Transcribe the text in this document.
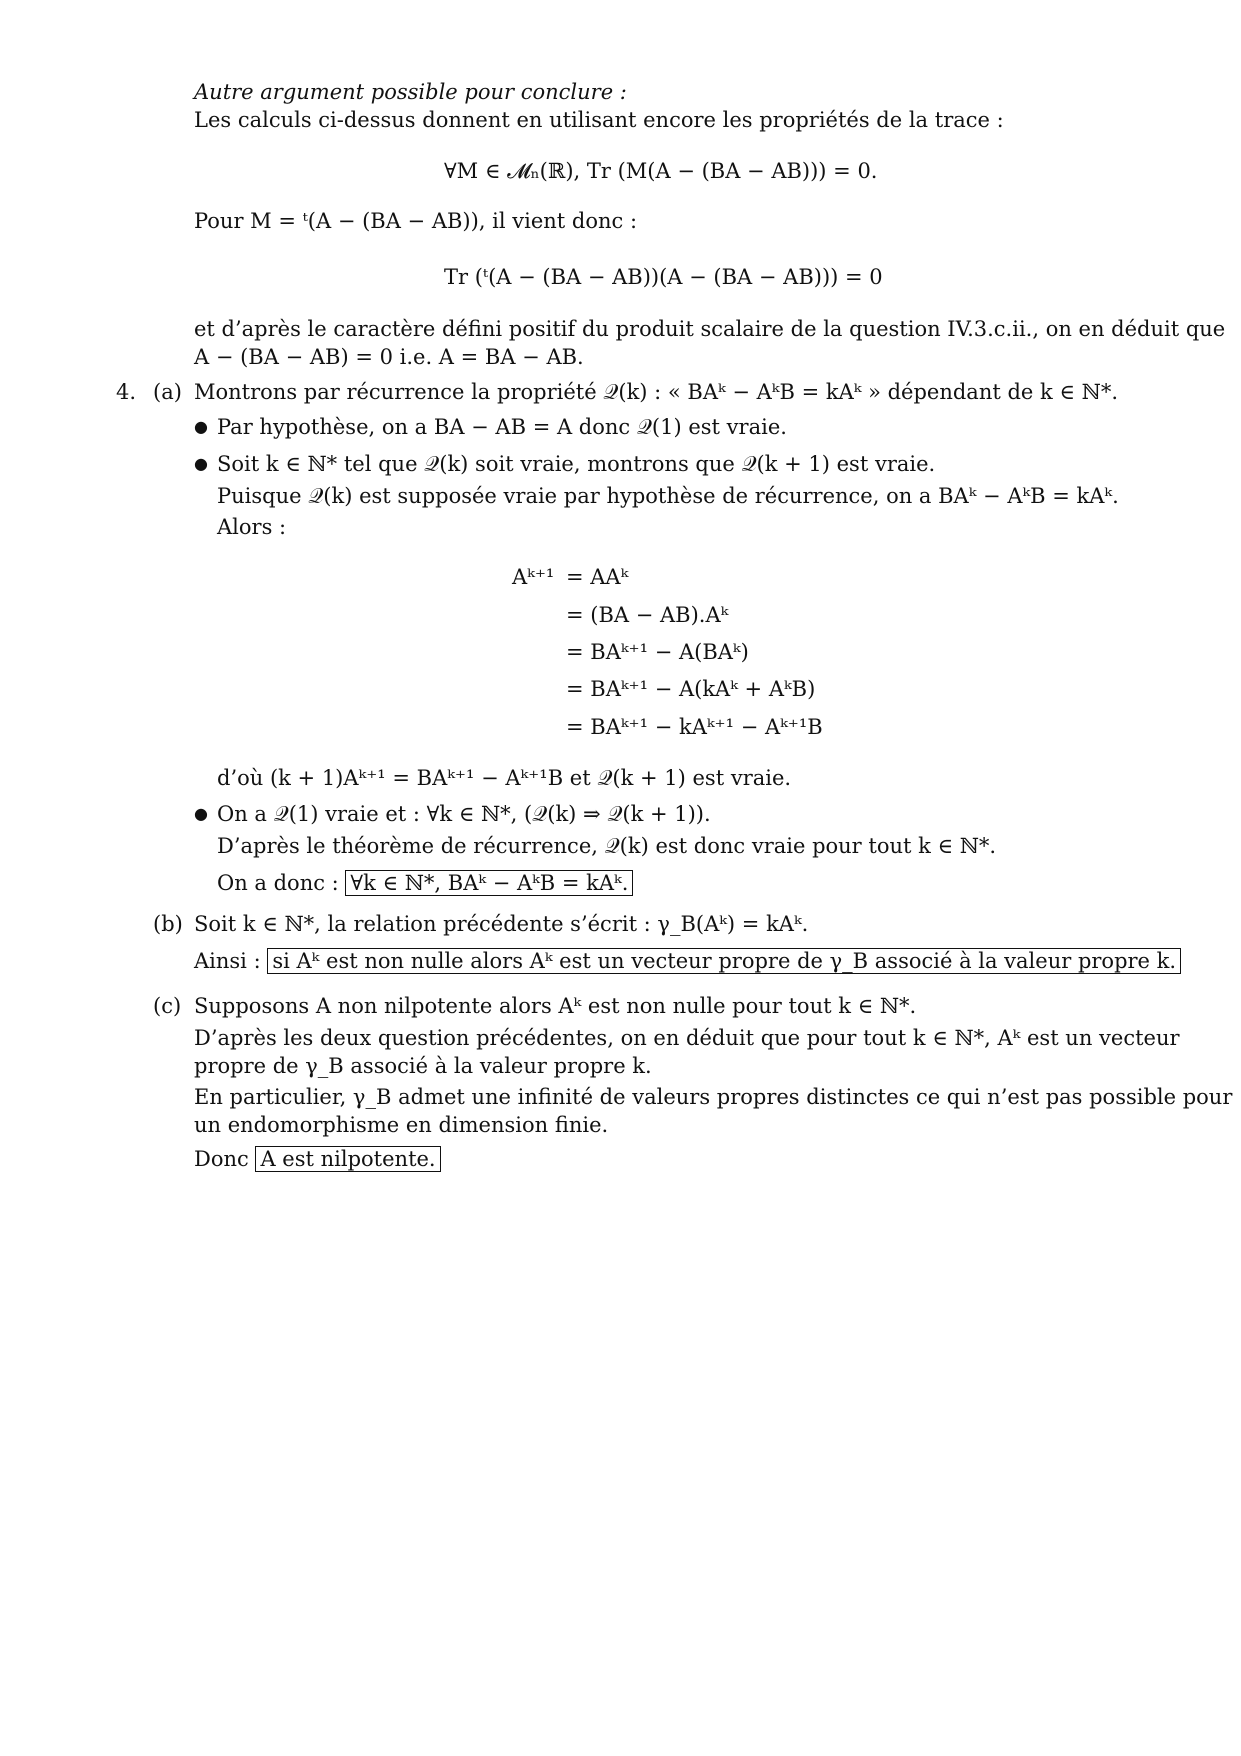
Autre argument possible pour conclure :
Les calculs ci-dessus donnent en utilisant encore les propriétés de la trace :
∀M ∈ 𝓜ₙ(ℝ), Tr (M(A − (BA − AB))) = 0.
Pour M = ᵗ(A − (BA − AB)), il vient donc :
Tr (ᵗ(A − (BA − AB))(A − (BA − AB))) = 0
et d’après le caractère défini positif du produit scalaire de la question IV.3.c.ii., on en déduit que
A − (BA − AB) = 0 i.e. A = BA − AB.
4. (a) Montrons par récurrence la propriété 𝒬(k) : « BAᵏ − AᵏB = kAᵏ » dépendant de k ∈ ℕ*.
● Par hypothèse, on a BA − AB = A donc 𝒬(1) est vraie.
● Soit k ∈ ℕ* tel que 𝒬(k) soit vraie, montrons que 𝒬(k + 1) est vraie.
Puisque 𝒬(k) est supposée vraie par hypothèse de récurrence, on a BAᵏ − AᵏB = kAᵏ.
Alors :
Aᵏ⁺¹ = AAᵏ
= (BA − AB).Aᵏ
= BAᵏ⁺¹ − A(BAᵏ)
= BAᵏ⁺¹ − A(kAᵏ + AᵏB)
= BAᵏ⁺¹ − kAᵏ⁺¹ − Aᵏ⁺¹B
d’où (k + 1)Aᵏ⁺¹ = BAᵏ⁺¹ − Aᵏ⁺¹B et 𝒬(k + 1) est vraie.
● On a 𝒬(1) vraie et : ∀k ∈ ℕ*, (𝒬(k) ⇒ 𝒬(k + 1)).
D’après le théorème de récurrence, 𝒬(k) est donc vraie pour tout k ∈ ℕ*.
On a donc : ∀k ∈ ℕ*, BAᵏ − AᵏB = kAᵏ.
(b) Soit k ∈ ℕ*, la relation précédente s’écrit : γ_B(Aᵏ) = kAᵏ.
Ainsi : si Aᵏ est non nulle alors Aᵏ est un vecteur propre de γ_B associé à la valeur propre k.
(c) Supposons A non nilpotente alors Aᵏ est non nulle pour tout k ∈ ℕ*.
D’après les deux question précédentes, on en déduit que pour tout k ∈ ℕ*, Aᵏ est un vecteur
propre de γ_B associé à la valeur propre k.
En particulier, γ_B admet une infinité de valeurs propres distinctes ce qui n’est pas possible pour
un endomorphisme en dimension finie.
Donc A est nilpotente.
